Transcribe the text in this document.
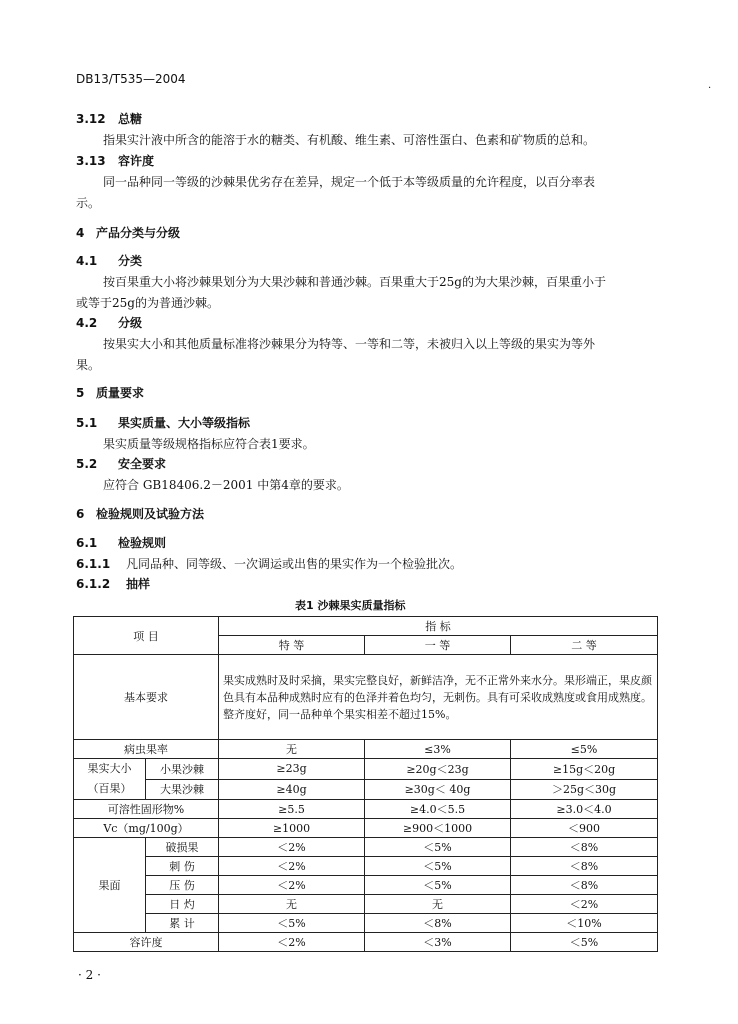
DB13/T535—2004	.
3.12 总糖
指果实汁液中所含的能溶于水的糖类、有机酸、维生素、可溶性蛋白、色素和矿物质的总和。
3.13 容许度
同一品种同一等级的沙棘果优劣存在差异，规定一个低于本等级质量的允许程度，以百分率表
示。
4 产品分类与分级
4.1 分类
按百果重大小将沙棘果划分为大果沙棘和普通沙棘。百果重大于25g的为大果沙棘，百果重小于
或等于25g的为普通沙棘。
4.2 分级
按果实大小和其他质量标准将沙棘果分为特等、一等和二等，未被归入以上等级的果实为等外
果。
5 质量要求
5.1 果实质量、大小等级指标
果实质量等级规格指标应符合表1要求。
5.2 安全要求
应符合 GB18406.2－2001 中第4章的要求。
6 检验规则及试验方法
6.1 检验规则
6.1.1 凡同品种、同等级、一次调运或出售的果实作为一个检验批次。
6.1.2 抽样
表1 沙棘果实质量指标
项 目		指 标		
		特 等	一 等	二 等
基本要求		果实成熟时及时采摘，果实完整良好，新鲜洁净，无不正常外来水分。果形端正，果皮颜色具有本品种成熟时应有的色泽并着色均匀，无刺伤。具有可采收成熟度或食用成熟度。整齐度好，同一品种单个果实相差不超过15%。		
病虫果率		无	≤3%	≤5%
果实大小
（百果）	小果沙棘	≥23g	≥20g＜23g	≥15g＜20g
	大果沙棘	≥40g	≥30g＜ 40g	＞25g＜30g
可溶性固形物%		≥5.5	≥4.0＜5.5	≥3.0＜4.0
Vc（mg/100g）		≥1000	≥900＜1000	＜900
果面	破损果	＜2%	＜5%	＜8%
	刺 伤	＜2%	＜5%	＜8%
	压 伤	＜2%	＜5%	＜8%
	日 灼	无	无	＜2%
	累 计	＜5%	＜8%	＜10%
容许度		＜2%	＜3%	＜5%
· 2 ·
